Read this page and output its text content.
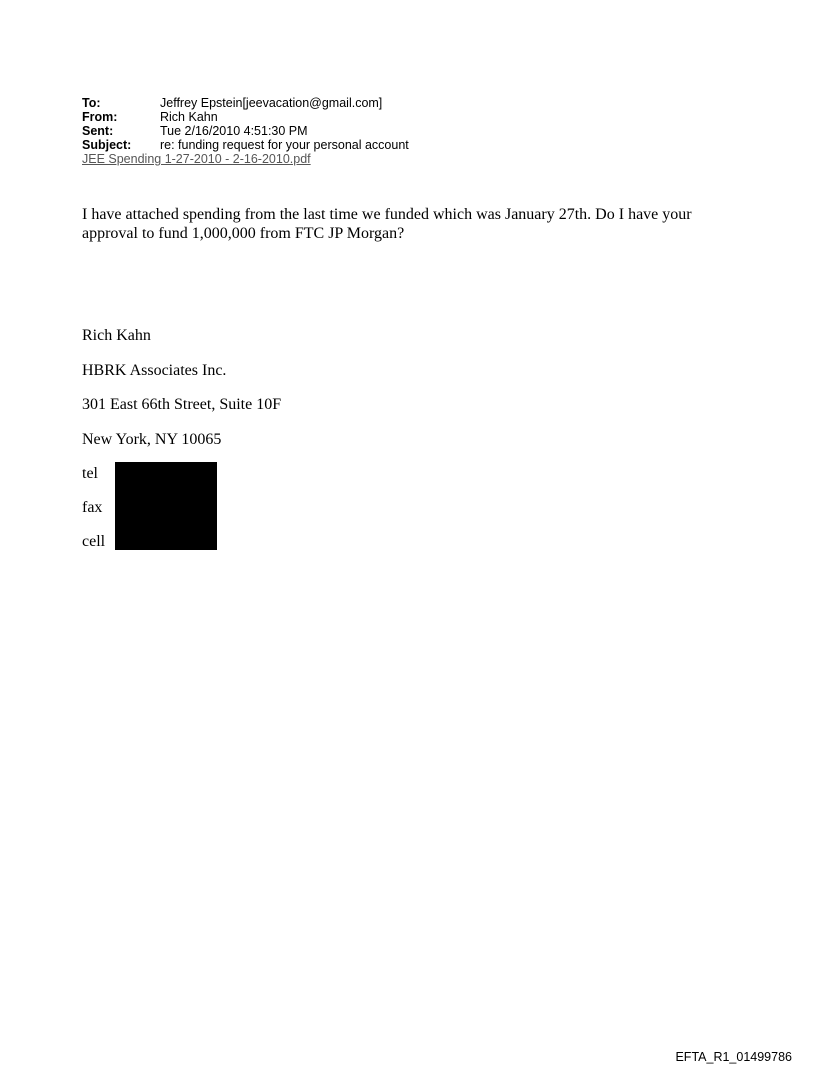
To:	Jeffrey Epstein[jeevacation@gmail.com]
From:	Rich Kahn
Sent:	Tue 2/16/2010 4:51:30 PM
Subject:	re: funding request for your personal account
JEE Spending 1-27-2010 - 2-16-2010.pdf
I have attached spending from the last time we funded which was January 27th. Do I have your approval to fund 1,000,000 from FTC JP Morgan?
Rich Kahn
HBRK Associates Inc.
301 East 66th Street, Suite 10F
New York, NY 10065
tel
fax
cell
EFTA_R1_01499786
